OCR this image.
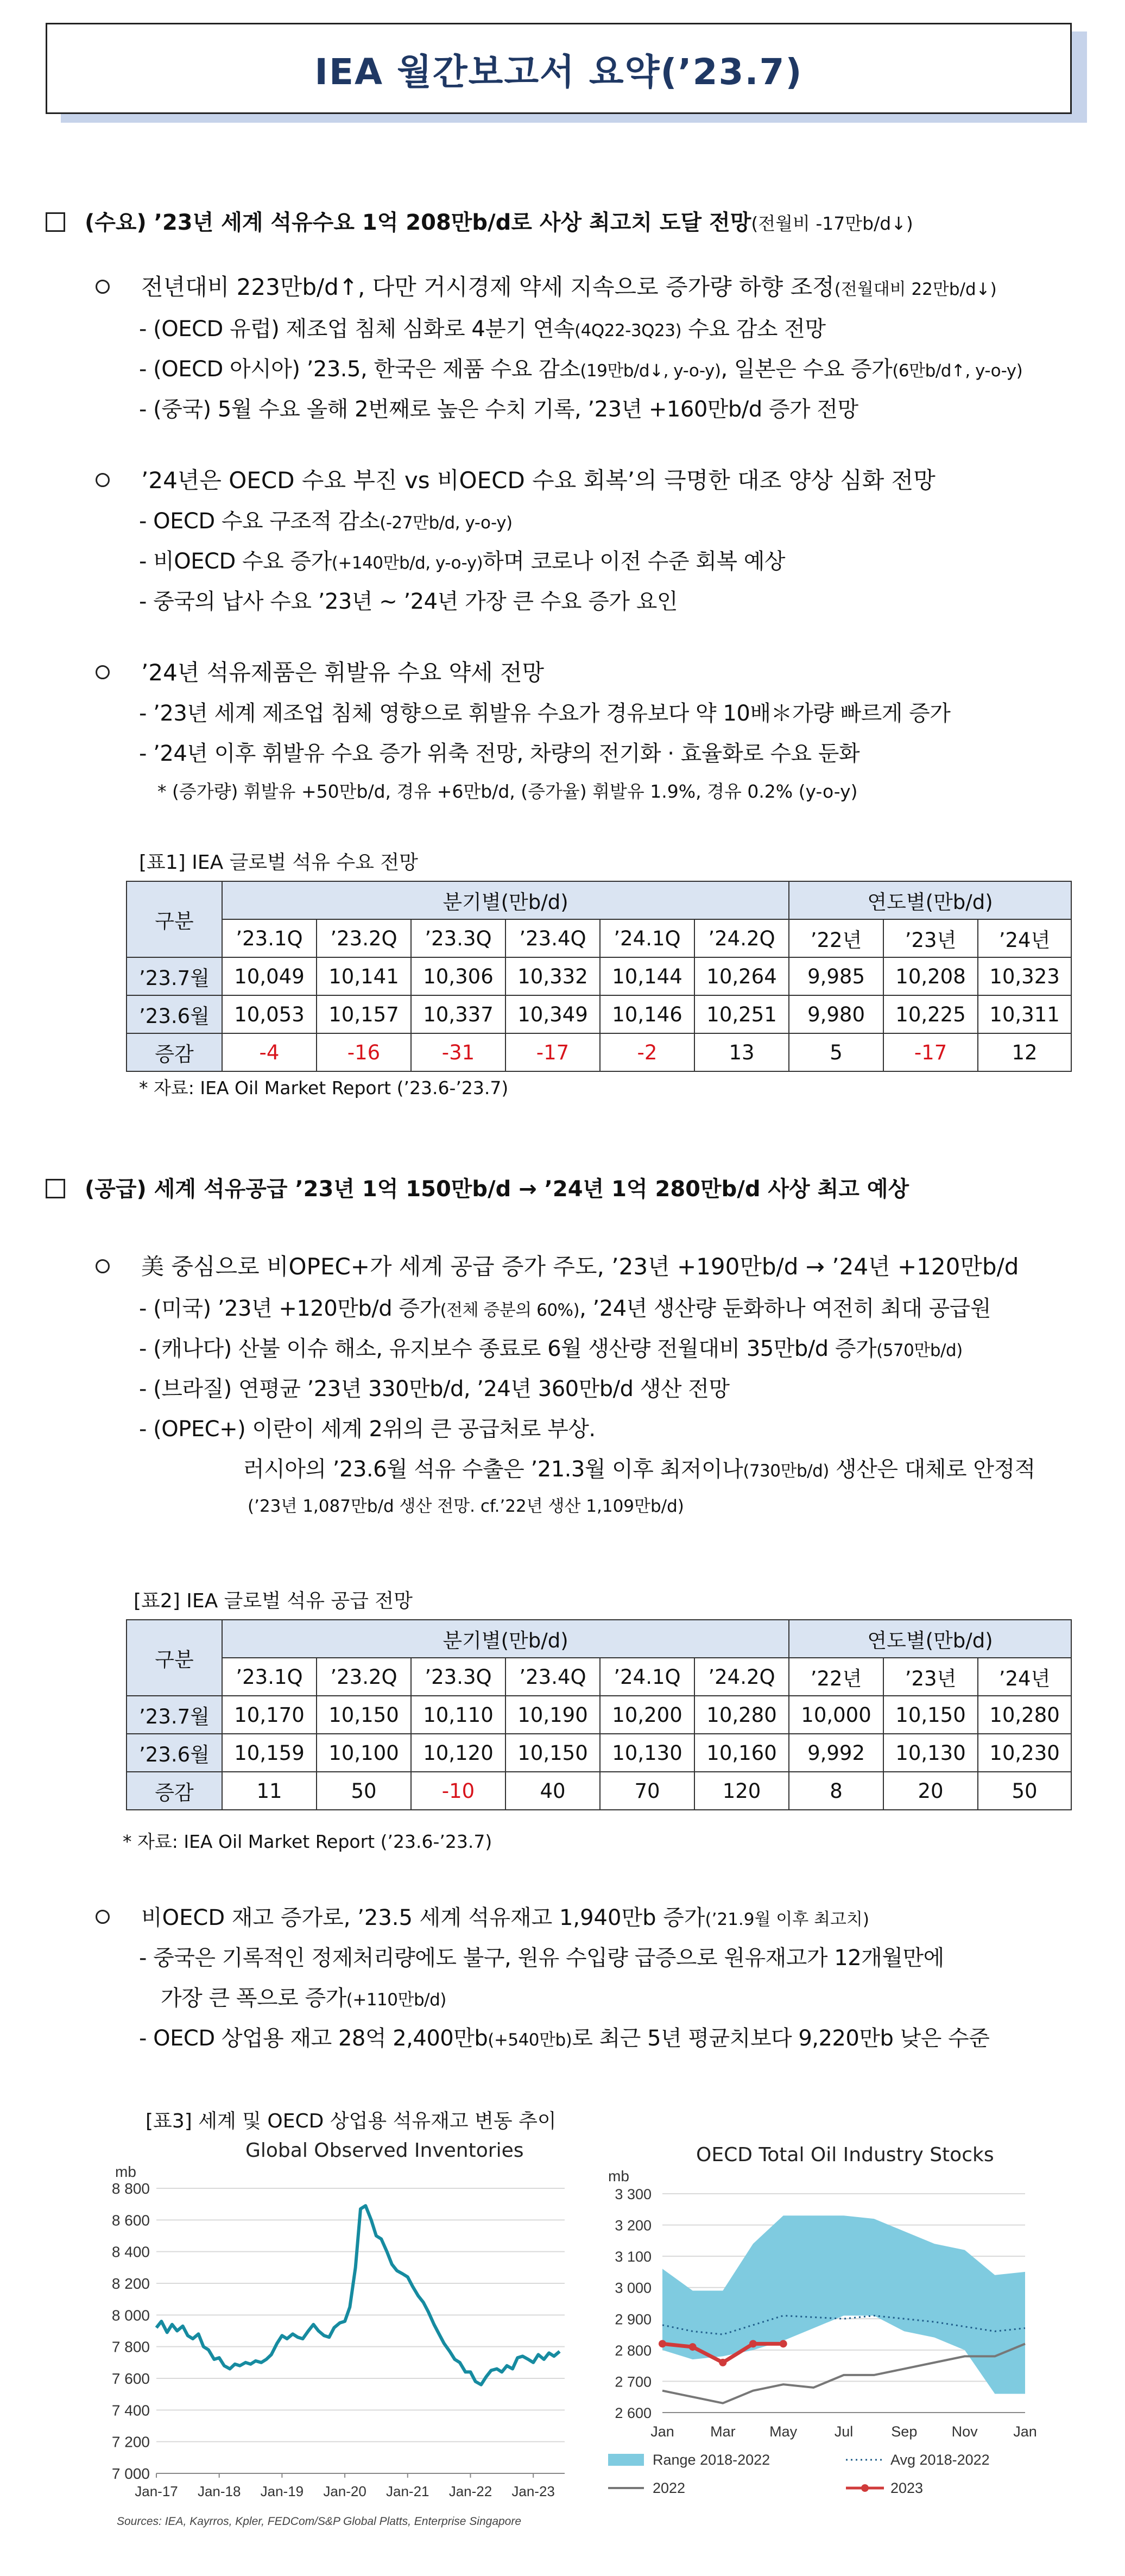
IEA 월간보고서 요약(’23.7)
(수요) ’23년 세계 석유수요 1억 208만b/d로 사상 최고치 도달 전망(전월비 -17만b/d↓)
전년대비 223만b/d↑, 다만 거시경제 약세 지속으로 증가량 하향 조정(전월대비 22만b/d↓)
- (OECD 유럽) 제조업 침체 심화로 4분기 연속(4Q22-3Q23) 수요 감소 전망
- (OECD 아시아) ’23.5, 한국은 제품 수요 감소(19만b/d↓, y-o-y), 일본은 수요 증가(6만b/d↑, y-o-y)
- (중국) 5월 수요 올해 2번째로 높은 수치 기록, ’23년 +160만b/d 증가 전망
’24년은 OECD 수요 부진 vs 비OECD 수요 회복’의 극명한 대조 양상 심화 전망
- OECD 수요 구조적 감소(-27만b/d, y-o-y)
- 비OECD 수요 증가(+140만b/d, y-o-y)하며 코로나 이전 수준 회복 예상
- 중국의 납사 수요 ’23년 ~ ’24년 가장 큰 수요 증가 요인
’24년 석유제품은 휘발유 수요 약세 전망
- ’23년 세계 제조업 침체 영향으로 휘발유 수요가 경유보다 약 10배＊가량 빠르게 증가
- ’24년 이후 휘발유 수요 증가 위축 전망, 차량의 전기화 · 효율화로 수요 둔화
* (증가량) 휘발유 +50만b/d, 경유 +6만b/d, (증가율) 휘발유 1.9%, 경유 0.2% (y-o-y)
[표1] IEA 글로벌 석유 수요 전망
구분	분기별(만b/d)						연도별(만b/d)		
	’23.1Q	’23.2Q	’23.3Q	’23.4Q	’24.1Q	’24.2Q	’22년	’23년	’24년
’23.7월	10,049	10,141	10,306	10,332	10,144	10,264	9,985	10,208	10,323
’23.6월	10,053	10,157	10,337	10,349	10,146	10,251	9,980	10,225	10,311
증감	-4	-16	-31	-17	-2	13	5	-17	12
* 자료: IEA Oil Market Report (’23.6-’23.7)
(공급) 세계 석유공급 ’23년 1억 150만b/d → ’24년 1억 280만b/d 사상 최고 예상
美 중심으로 비OPEC+가 세계 공급 증가 주도, ’23년 +190만b/d → ’24년 +120만b/d
- (미국) ’23년 +120만b/d 증가(전체 증분의 60%), ’24년 생산량 둔화하나 여전히 최대 공급원
- (캐나다) 산불 이슈 해소, 유지보수 종료로 6월 생산량 전월대비 35만b/d 증가(570만b/d)
- (브라질) 연평균 ’23년 330만b/d, ’24년 360만b/d 생산 전망
- (OPEC+) 이란이 세계 2위의 큰 공급처로 부상.
러시아의 ’23.6월 석유 수출은 ’21.3월 이후 최저이나(730만b/d) 생산은 대체로 안정적
(’23년 1,087만b/d 생산 전망. cf.’22년 생산 1,109만b/d)
[표2] IEA 글로벌 석유 공급 전망
구분	분기별(만b/d)						연도별(만b/d)		
	’23.1Q	’23.2Q	’23.3Q	’23.4Q	’24.1Q	’24.2Q	’22년	’23년	’24년
’23.7월	10,170	10,150	10,110	10,190	10,200	10,280	10,000	10,150	10,280
’23.6월	10,159	10,100	10,120	10,150	10,130	10,160	9,992	10,130	10,230
증감	11	50	-10	40	70	120	8	20	50
* 자료: IEA Oil Market Report (’23.6-’23.7)
비OECD 재고 증가로, ’23.5 세계 석유재고 1,940만b 증가(’21.9월 이후 최고치)
- 중국은 기록적인 정제처리량에도 불구, 원유 수입량 급증으로 원유재고가 12개월만에
가장 큰 폭으로 증가(+110만b/d)
- OECD 상업용 재고 28억 2,400만b(+540만b)로 최근 5년 평균치보다 9,220만b 낮은 수준
[표3] 세계 및 OECD 상업용 석유재고 변동 추이
Global Observed Inventories
mb
8 800
8 600
8 400
8 200
8 000
7 800
7 600
7 400
7 200
7 000
Jan-17 Jan-18 Jan-19 Jan-20 Jan-21 Jan-22 Jan-23
Sources: IEA, Kayrros, Kpler, FEDCom/S&P Global Platts, Enterprise Singapore
OECD Total Oil Industry Stocks
mb
3 300
3 200
3 100
3 000
2 900
2 800
2 700
2 600
Jan Mar May	Jul	Sep Nov Jan
Range 2018-2022	Avg 2018-2022
2022	2023
